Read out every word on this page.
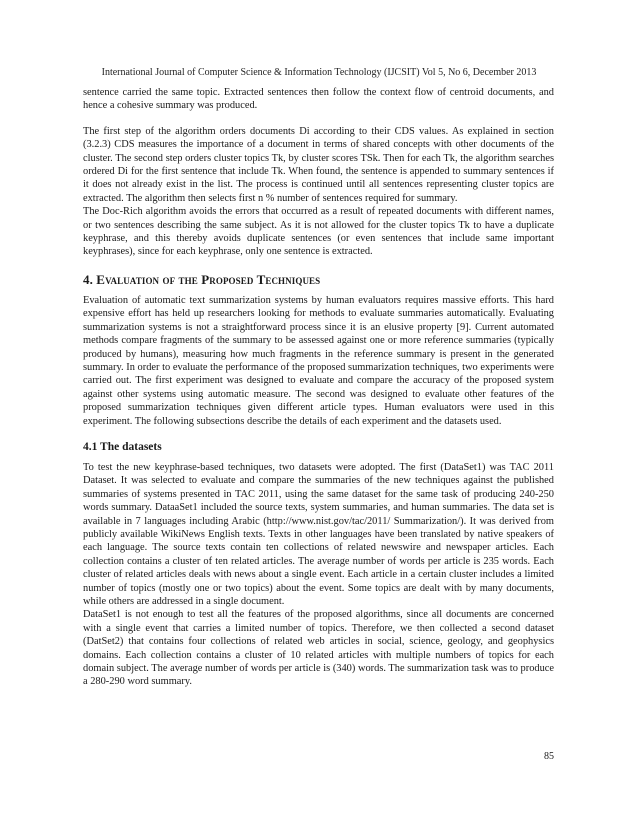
International Journal of Computer Science & Information Technology (IJCSIT) Vol 5, No 6, December 2013

sentence carried the same topic. Extracted sentences then follow the context flow of centroid documents, and hence a cohesive summary was produced.

The first step of the algorithm orders documents Di according to their CDS values. As explained in section (3.2.3) CDS measures the importance of a document in terms of shared concepts with other documents of the cluster. The second step orders cluster topics Tk, by cluster scores TSk. Then for each Tk, the algorithm searches ordered Di for the first sentence that include Tk. When found, the sentence is appended to summary sentences if it does not already exist in the list. The process is continued until all sentences representing cluster topics are extracted. The algorithm then selects first n % number of sentences required for summary.

The Doc-Rich algorithm avoids the errors that occurred as a result of repeated documents with different names, or two sentences describing the same subject. As it is not allowed for the cluster topics Tk to have a duplicate keyphrase, and this thereby avoids duplicate sentences (or even sentences that include same important keyphrases), since for each keyphrase, only one sentence is extracted.

4. Evaluation of the Proposed Techniques

Evaluation of automatic text summarization systems by human evaluators requires massive efforts. This hard expensive effort has held up researchers looking for methods to evaluate summaries automatically. Evaluating summarization systems is not a straightforward process since it is an elusive property [9]. Current automated methods compare fragments of the summary to be assessed against one or more reference summaries (typically produced by humans), measuring how much fragments in the reference summary is present in the generated summary. In order to evaluate the performance of the proposed summarization techniques, two experiments were carried out. The first experiment was designed to evaluate and compare the accuracy of the proposed system against other systems using automatic measure. The second was designed to evaluate other features of the proposed summarization techniques given different article types. Human evaluators were used in this experiment. The following subsections describe the details of each experiment and the datasets used.

4.1 The datasets

To test the new keyphrase-based techniques, two datasets were adopted. The first (DataSet1) was TAC 2011 Dataset. It was selected to evaluate and compare the summaries of the new techniques against the published summaries of systems presented in TAC 2011, using the same dataset for the same task of producing 240-250 words summary. DataaSet1 included the source texts, system summaries, and human summaries. The data set is available in 7 languages including Arabic (http://www.nist.gov/tac/2011/ Summarization/). It was derived from publicly available WikiNews English texts. Texts in other languages have been translated by native speakers of each language. The source texts contain ten collections of related newswire and newspaper articles. Each collection contains a cluster of ten related articles. The average number of words per article is 235 words. Each cluster of related articles deals with news about a single event. Each article in a certain cluster includes a limited number of topics (mostly one or two topics) about the event. Some topics are dealt with by many documents, while others are addressed in a single document.

DataSet1 is not enough to test all the features of the proposed algorithms, since all documents are concerned with a single event that carries a limited number of topics. Therefore, we then collected a second dataset (DatSet2) that contains four collections of related web articles in social, science, geology, and geophysics domains. Each collection contains a cluster of 10 related articles with multiple numbers of topics for each domain subject. The average number of words per article is (340) words. The summarization task was to produce a 280-290 word summary.

85
